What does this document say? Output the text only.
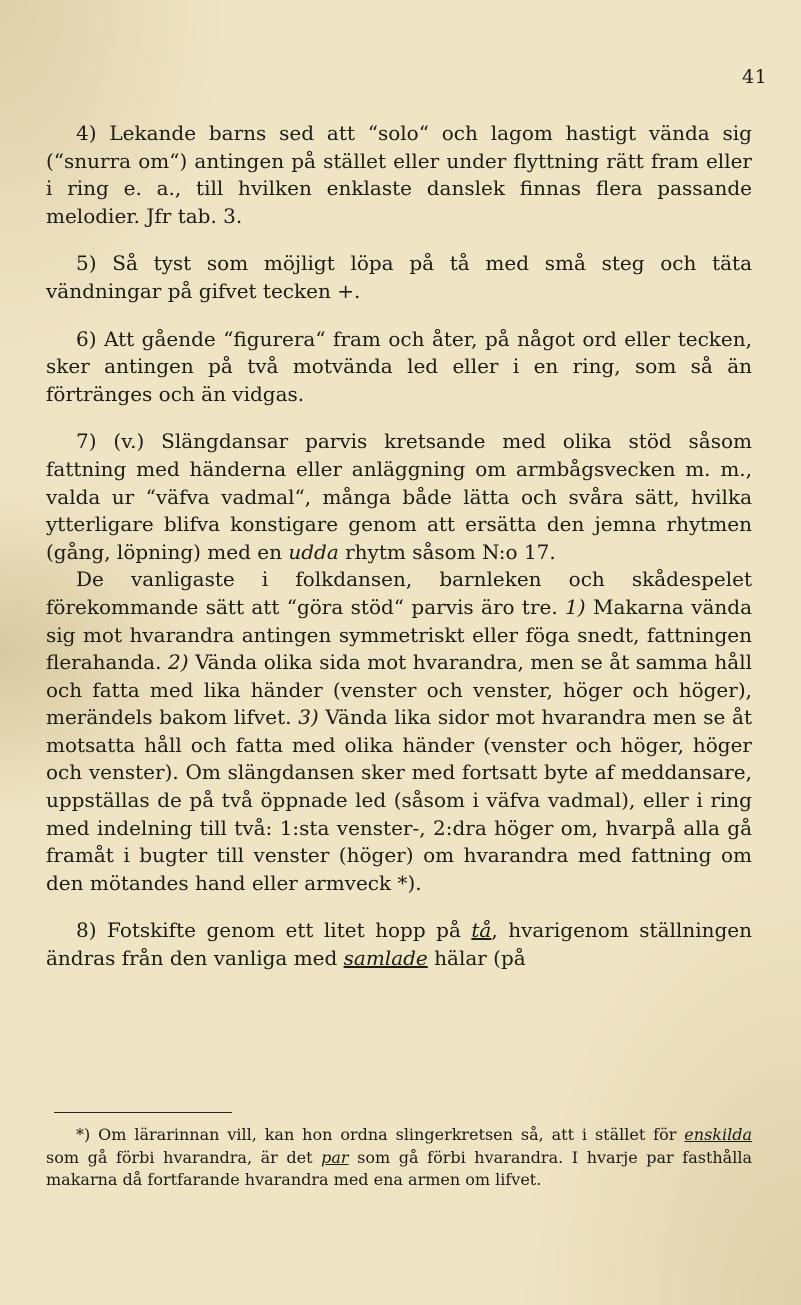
41

4) Lekande barns sed att “solo“ och lagom hastigt vända sig (“snurra om“) antingen på stället eller under flyttning rätt fram eller i ring e. a., till hvilken enklaste danslek finnas flera passande melodier. Jfr tab. 3.

5) Så tyst som möjligt löpa på tå med små steg och täta vändningar på gifvet tecken +.

6) Att gående “figurera“ fram och åter, på något ord eller tecken, sker antingen på två motvända led eller i en ring, som så än förtränges och än vidgas.

7) (v.) Slängdansar parvis kretsande med olika stöd såsom fattning med händerna eller anläggning om armbågsvecken m. m., valda ur “väfva vadmal“, många både lätta och svåra sätt, hvilka ytterligare blifva konstigare genom att ersätta den jemna rhytmen (gång, löpning) med en udda rhytm såsom N:o 17.

De vanligaste i folkdansen, barnleken och skådespelet förekommande sätt att “göra stöd“ parvis äro tre. 1) Makarna vända sig mot hvarandra antingen symmetriskt eller föga snedt, fattningen flerahanda. 2) Vända olika sida mot hvarandra, men se åt samma håll och fatta med lika händer (venster och venster, höger och höger), merändels bakom lifvet. 3) Vända lika sidor mot hvarandra men se åt motsatta håll och fatta med olika händer (venster och höger, höger och venster). Om slängdansen sker med fortsatt byte af meddansare, uppställas de på två öppnade led (såsom i väfva vadmal), eller i ring med indelning till två: 1:sta venster-, 2:dra höger om, hvarpå alla gå framåt i bugter till venster (höger) om hvarandra med fattning om den mötandes hand eller armveck *).

8) Fotskifte genom ett litet hopp på tå, hvarigenom ställningen ändras från den vanliga med samlade hälar (på

*) Om lärarinnan vill, kan hon ordna slingerkretsen så, att i stället för enskilda som gå förbi hvarandra, är det par som gå förbi hvarandra. I hvarje par fasthålla makarna då fortfarande hvarandra med ena armen om lifvet.
